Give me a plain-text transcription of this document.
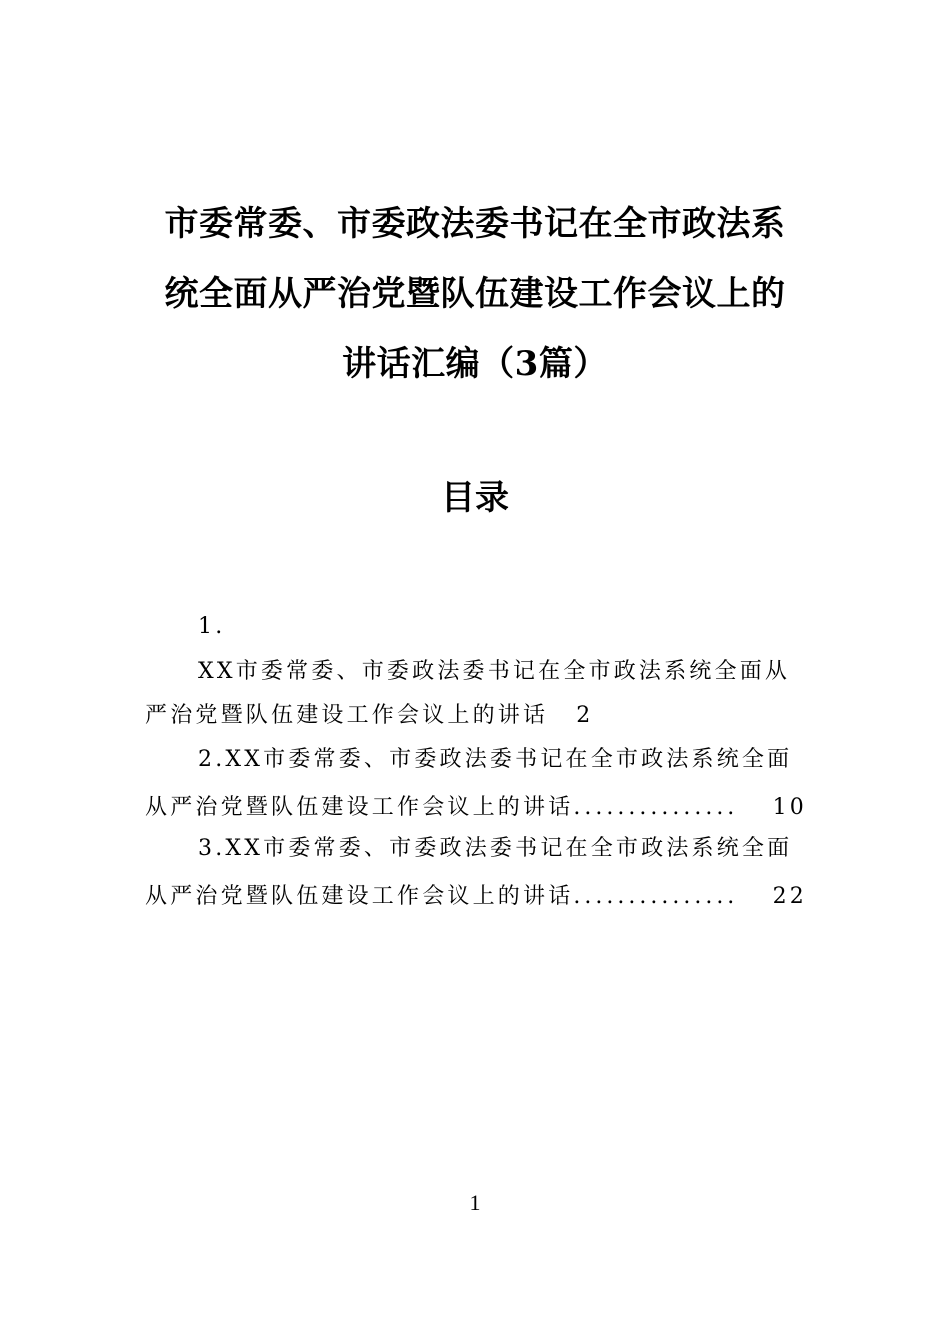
市委常委、市委政法委书记在全市政法系
统全面从严治党暨队伍建设工作会议上的
讲话汇编（3篇）
目录
1.
XX市委常委、市委政法委书记在全市政法系统全面从
严治党暨队伍建设工作会议上的讲话 2
2.XX市委常委、市委政法委书记在全市政法系统全面
从严治党暨队伍建设工作会议上的讲话 ...............	10
3.XX市委常委、市委政法委书记在全市政法系统全面
从严治党暨队伍建设工作会议上的讲话 ...............	22
1
